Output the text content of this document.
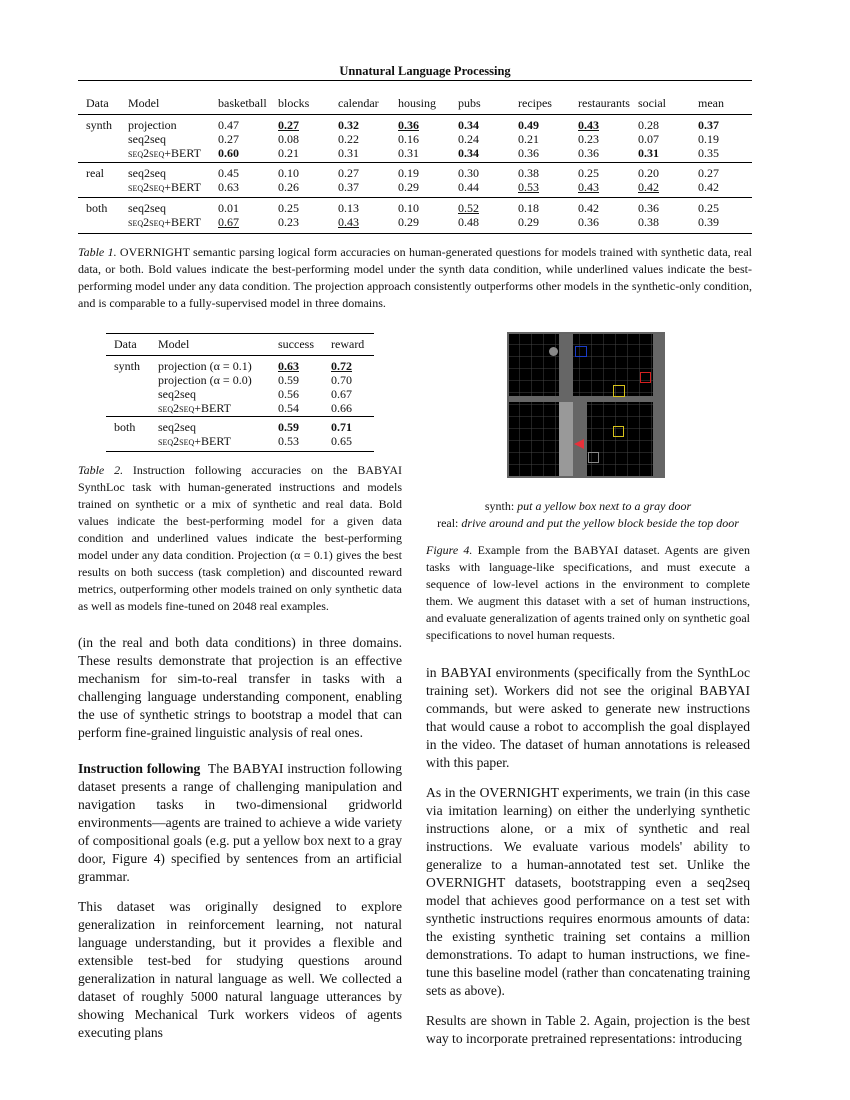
Unnatural Language Processing
Data	Model	basketball	blocks	calendar	housing	pubs	recipes	restaurants	social	mean
synth	projection	0.47	0.27	0.32	0.36	0.34	0.49	0.43	0.28	0.37
	seq2seq	0.27	0.08	0.22	0.16	0.24	0.21	0.23	0.07	0.19
	seq2seq+BERT	0.60	0.21	0.31	0.31	0.34	0.36	0.36	0.31	0.35
real	seq2seq	0.45	0.10	0.27	0.19	0.30	0.38	0.25	0.20	0.27
	seq2seq+BERT	0.63	0.26	0.37	0.29	0.44	0.53	0.43	0.42	0.42
both	seq2seq	0.01	0.25	0.13	0.10	0.52	0.18	0.42	0.36	0.25
	seq2seq+BERT	0.67	0.23	0.43	0.29	0.48	0.29	0.36	0.38	0.39
Table 1. OVERNIGHT semantic parsing logical form accuracies on human-generated questions for models trained with synthetic data, real data, or both. Bold values indicate the best-performing model under the synth data condition, while underlined values indicate the best-performing model under any data condition. The projection approach consistently outperforms other models in the synthetic-only condition, and is comparable to a fully-supervised model in three domains.
Data	Model	success	reward
synth	projection (α = 0.1)	0.63	0.72
	projection (α = 0.0)	0.59	0.70
	seq2seq	0.56	0.67
	seq2seq+BERT	0.54	0.66
both	seq2seq	0.59	0.71
	seq2seq+BERT	0.53	0.65
Table 2. Instruction following accuracies on the BABYAI SynthLoc task with human-generated instructions and models trained on synthetic or a mix of synthetic and real data. Bold values indicate the best-performing model for a given data condition and underlined values indicate the best-performing model under any data condition. Projection (α = 0.1) gives the best results on both success (task completion) and discounted reward metrics, outperforming other models trained on only synthetic data as well as models fine-tuned on 2048 real examples.
synth: put a yellow box next to a gray door
real: drive around and put the yellow block beside the top door
Figure 4. Example from the BABYAI dataset. Agents are given tasks with language-like specifications, and must execute a sequence of low-level actions in the environment to complete them. We augment this dataset with a set of human instructions, and evaluate generalization of agents trained only on synthetic goal specifications to novel human requests.

(in the real and both data conditions) in three domains. These results demonstrate that projection is an effective mechanism for sim-to-real transfer in tasks with a challenging language understanding component, enabling the use of synthetic strings to bootstrap a model that can perform fine-grained linguistic analysis of real ones.

Instruction following The BABYAI instruction following dataset presents a range of challenging manipulation and navigation tasks in two-dimensional gridworld environments—agents are trained to achieve a wide variety of compositional goals (e.g. put a yellow box next to a gray door, Figure 4) specified by sentences from an artificial grammar.

This dataset was originally designed to explore generalization in reinforcement learning, not natural language understanding, but it provides a flexible and extensible test-bed for studying questions around generalization in natural language as well. We collected a dataset of roughly 5000 natural language utterances by showing Mechanical Turk workers videos of agents executing plans

in BABYAI environments (specifically from the SynthLoc training set). Workers did not see the original BABYAI commands, but were asked to generate new instructions that would cause a robot to accomplish the goal displayed in the video. The dataset of human annotations is released with this paper.

As in the OVERNIGHT experiments, we train (in this case via imitation learning) on either the underlying synthetic instructions alone, or a mix of synthetic and real instructions. We evaluate various models' ability to generalize to a human-annotated test set. Unlike the OVERNIGHT datasets, bootstrapping even a seq2seq model that achieves good performance on a test set with synthetic instructions requires enormous amounts of data: the existing synthetic training set contains a million demonstrations. To adapt to human instructions, we fine-tune this baseline model (rather than concatenating training sets as above).

Results are shown in Table 2. Again, projection is the best way to incorporate pretrained representations: introducing
